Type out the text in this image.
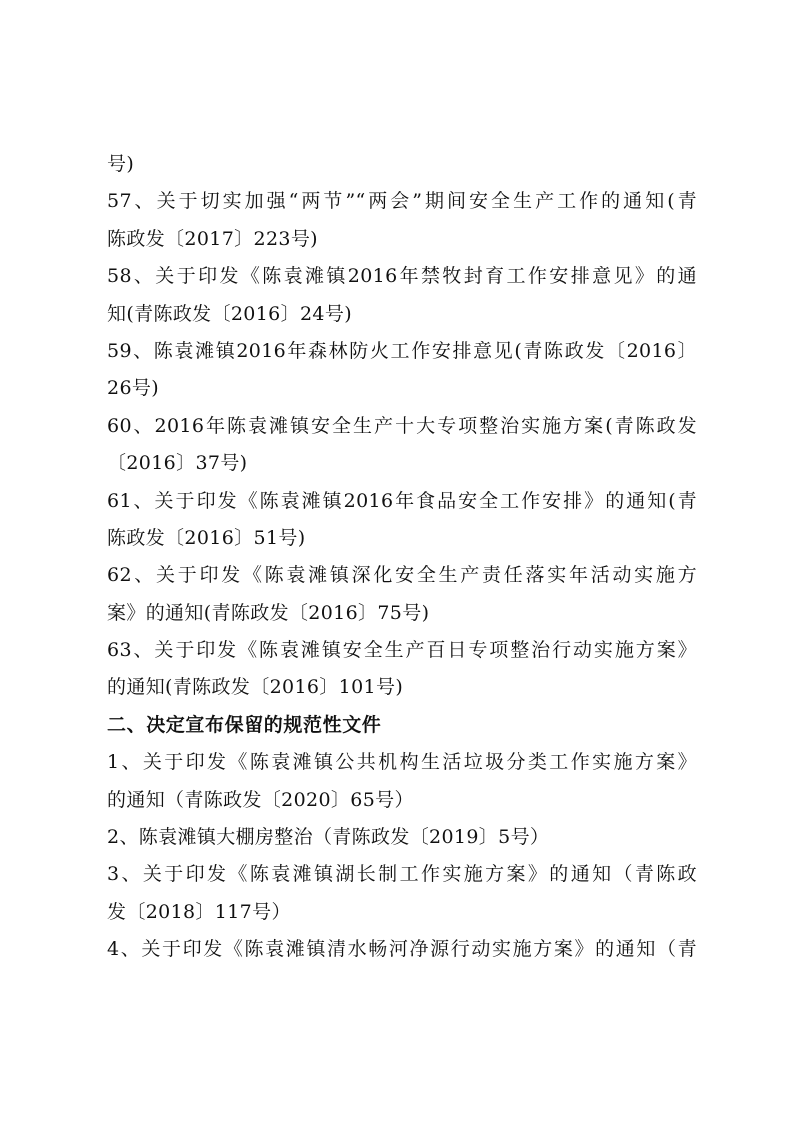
号)
57、关于切实加强“两节”“两会”期间安全生产工作的通知(青
陈政发〔2017〕223号)
58、关于印发《陈袁滩镇2016年禁牧封育工作安排意见》的通
知(青陈政发〔2016〕24号)
59、陈袁滩镇2016年森林防火工作安排意见(青陈政发〔2016〕
26号)
60、2016年陈袁滩镇安全生产十大专项整治实施方案(青陈政发
〔2016〕37号)
61、关于印发《陈袁滩镇2016年食品安全工作安排》的通知(青
陈政发〔2016〕51号)
62、关于印发《陈袁滩镇深化安全生产责任落实年活动实施方
案》的通知(青陈政发〔2016〕75号)
63、关于印发《陈袁滩镇安全生产百日专项整治行动实施方案》
的通知(青陈政发〔2016〕101号)
二、决定宣布保留的规范性文件
1、关于印发《陈袁滩镇公共机构生活垃圾分类工作实施方案》
的通知（青陈政发〔2020〕65号）
2、陈袁滩镇大棚房整治（青陈政发〔2019〕5号）
3、关于印发《陈袁滩镇湖长制工作实施方案》的通知（青陈政
发〔2018〕117号）
4、关于印发《陈袁滩镇清水畅河净源行动实施方案》的通知（青
